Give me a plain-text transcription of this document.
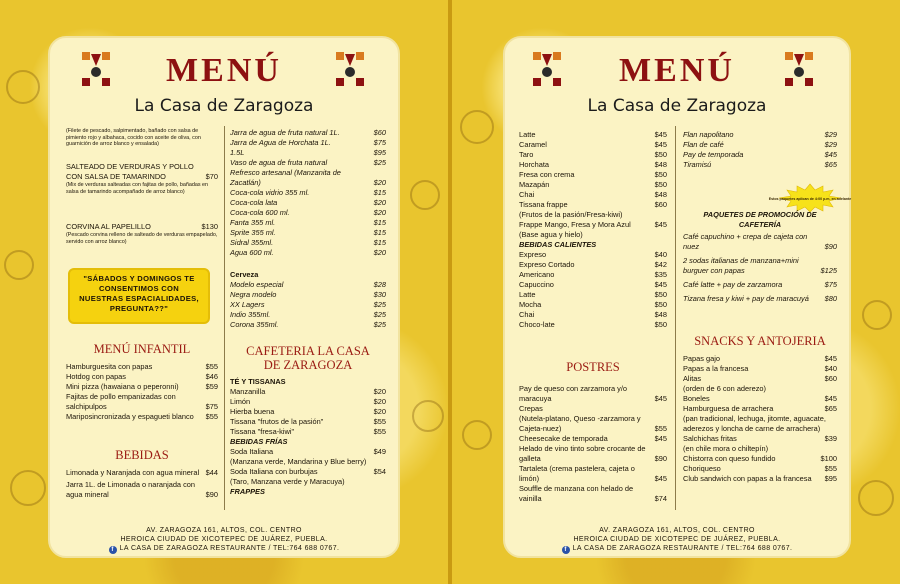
MENÚ
La Casa de Zaragoza
(Filete de pescado, salpimentado, bañado con salsa de pimiento rojo y albahaca, cocido con aceite de oliva, con guarnición de arroz blanco y ensalada)
SALTEADO DE VERDURAS Y POLLO CON SALSA DE TAMARINDO	$70
(Mix de verduras salteadas con fajitas de pollo, bañadas en salsa de tamarindo acompañado de arroz blanco)
CORVINA AL PAPELILLO	$130
(Pescado corvina relleno de salteado de verduras empapelado, servido con arroz blanco)
"SÁBADOS Y DOMINGOS TE CONSENTIMOS CON NUESTRAS ESPACIALIDADES, PREGUNTA??"
MENÚ INFANTIL
Hamburguesita con papas	$55
Hotdog con papas	$46
Mini pizza (hawaiana o peperonni)	$59
Fajitas de pollo empanizadas con salchipulpos	$75
Mariposincronizada y espagueti blanco	$55
BEBIDAS
Limonada y Naranjada con agua mineral $44
Jarra 1L. de Limonada o naranjada con agua mineral	$90
Jarra de agua de fruta natural 1L.	$60
Jarra de Agua de Horchata 1L.	$75
1.5L	$95
Vaso de agua de fruta natural	$25
Refresco artesanal (Manzanita de Zacatlán)	$20
Coca-cola vidrio 355 ml.	$15
Coca-cola lata	$20
Coca-cola 600 ml.	$20
Fanta 355 ml.	$15
Sprite 355 ml.	$15
Sidral 355ml.	$15
Agua 600 ml.	$20
Cerveza
Modelo especial	$28
Negra modelo	$30
XX Lagers	$25
Indio 355ml.	$25
Corona 355ml.	$25
CAFETERIA LA CASA DE ZARAGOZA
TÉ Y TISSANAS
Manzanilla	$20
Limón	$20
Hierba buena	$20
Tissana "frutos de la pasión"	$55
Tissana "fresa-kiwi"	$55
BEBIDAS FRÍAS
Soda Italiana	$49
(Manzana verde, Mandarina y Blue berry)
Soda Italiana con burbujas	$54
(Taro, Manzana verde y Maracuya)
FRAPPES
AV. ZARAGOZA 161, ALTOS, COL. CENTRO
HEROICA CIUDAD DE XICOTEPEC DE JUÁREZ, PUEBLA.
f LA CASA DE ZARAGOZA RESTAURANTE / TEL:764 688 0767.
MENÚ
La Casa de Zaragoza
Latte	$45
Caramel	$45
Taro	$50
Horchata	$48
Fresa con crema	$50
Mazapán	$50
Chai	$48
Tissana frappe	$60
(Frutos de la pasión/Fresa-kiwi)
Frappe Mango, Fresa y Mora Azul	$45
(Base agua y hielo)
BEBIDAS CALIENTES
Expreso	$40
Expreso Cortado	$42
Americano	$35
Capuccino	$45
Latte	$50
Mocha	$50
Chai	$48
Choco-late	$50
POSTRES
Pay de queso con zarzamora y/o maracuya	$45
Crepas
(Nutela-platano, Queso -zarzamora y Cajeta-nuez)	$55
Cheesecake de temporada	$45
Helado de vino tinto sobre crocante de galleta	$90
Tartaleta (crema pastelera, cajeta o limón)	$45
Souffle de manzana con helado de vainilla	$74
Flan napolitano	$29
Flan de café	$29
Pay de temporada	$45
Tiramisú	$65
Estos paquetes aplican de 4:00 p.m. en adelante
PAQUETES DE PROMOCIÓN DE CAFETERÍA
Café capuchino + crepa de cajeta con nuez	$90
2 sodas italianas de manzana+mini burguer con papas	$125
Café latte + pay de zarzamora	$75
Tizana fresa y kiwi + pay de maracuyá	$80
SNACKS Y ANTOJERIA
Papas gajo	$45
Papas a la francesa	$40
Alitas	$60
(orden de 6 con aderezo)
Boneles	$45
Hamburguesa de arrachera	$65
(pan tradicional, lechuga, jitomte, aguacate, aderezos y loncha de carne de arrachera)
Salchichas fritas	$39
(en chile mora o chiltepín)
Chistorra con queso fundido	$100
Choriqueso	$55
Club sandwich con papas a la francesa	$95
AV. ZARAGOZA 161, ALTOS, COL. CENTRO
HEROICA CIUDAD DE XICOTEPEC DE JUÁREZ, PUEBLA.
f LA CASA DE ZARAGOZA RESTAURANTE / TEL:764 688 0767.
